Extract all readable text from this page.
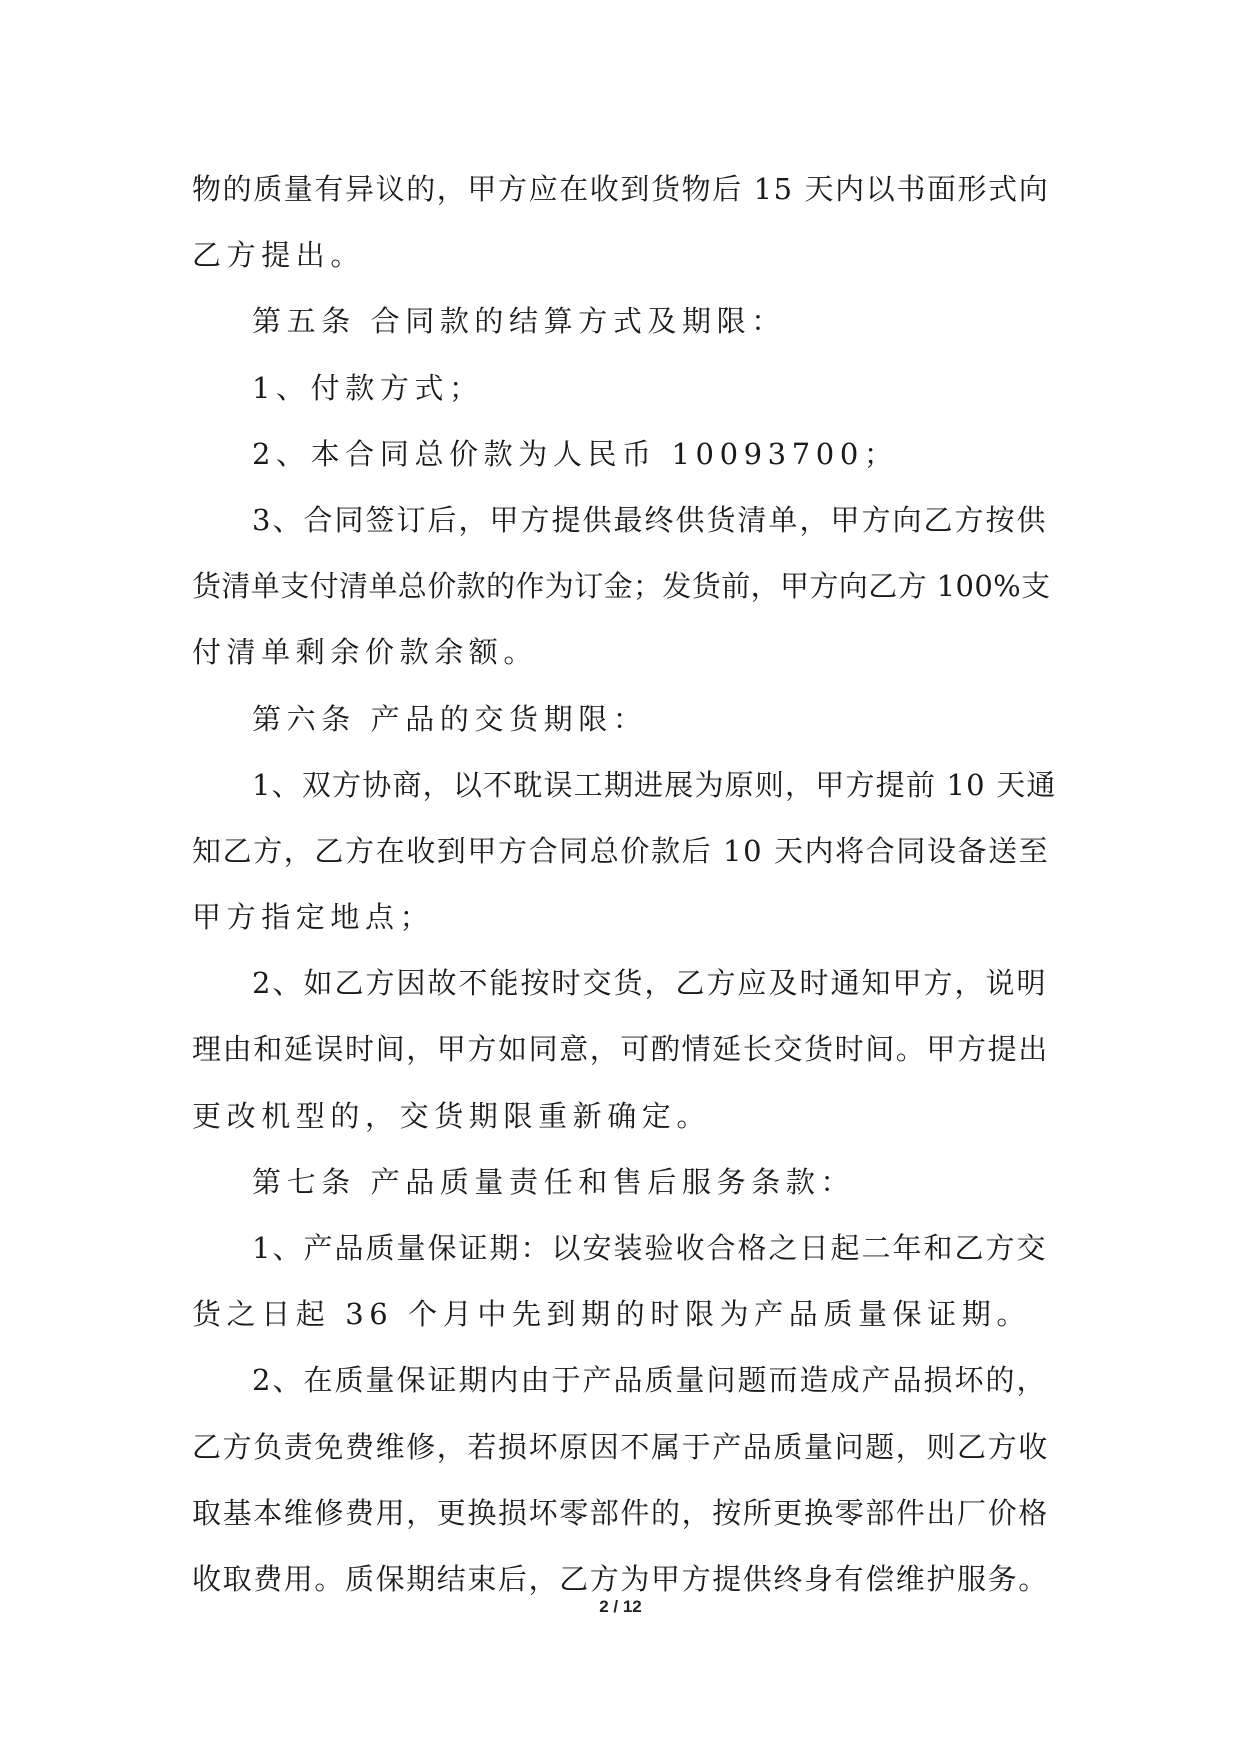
物的质量有异议的，甲方应在收到货物后 15 天内以书面形式向
乙方提出。
第五条 合同款的结算方式及期限：
1、付款方式；
2、本合同总价款为人民币 10093700；
3、合同签订后，甲方提供最终供货清单，甲方向乙方按供
货清单支付清单总价款的作为订金；发货前，甲方向乙方 100%支
付清单剩余价款余额。
第六条 产品的交货期限：
1、双方协商，以不耽误工期进展为原则，甲方提前 10 天通
知乙方，乙方在收到甲方合同总价款后 10 天内将合同设备送至
甲方指定地点；
2、如乙方因故不能按时交货，乙方应及时通知甲方，说明
理由和延误时间，甲方如同意，可酌情延长交货时间。甲方提出
更改机型的，交货期限重新确定。
第七条 产品质量责任和售后服务条款：
1、产品质量保证期：以安装验收合格之日起二年和乙方交
货之日起 36 个月中先到期的时限为产品质量保证期。
2、在质量保证期内由于产品质量问题而造成产品损坏的，
乙方负责免费维修，若损坏原因不属于产品质量问题，则乙方收
取基本维修费用，更换损坏零部件的，按所更换零部件出厂价格
收取费用。质保期结束后，乙方为甲方提供终身有偿维护服务。
2 / 12
